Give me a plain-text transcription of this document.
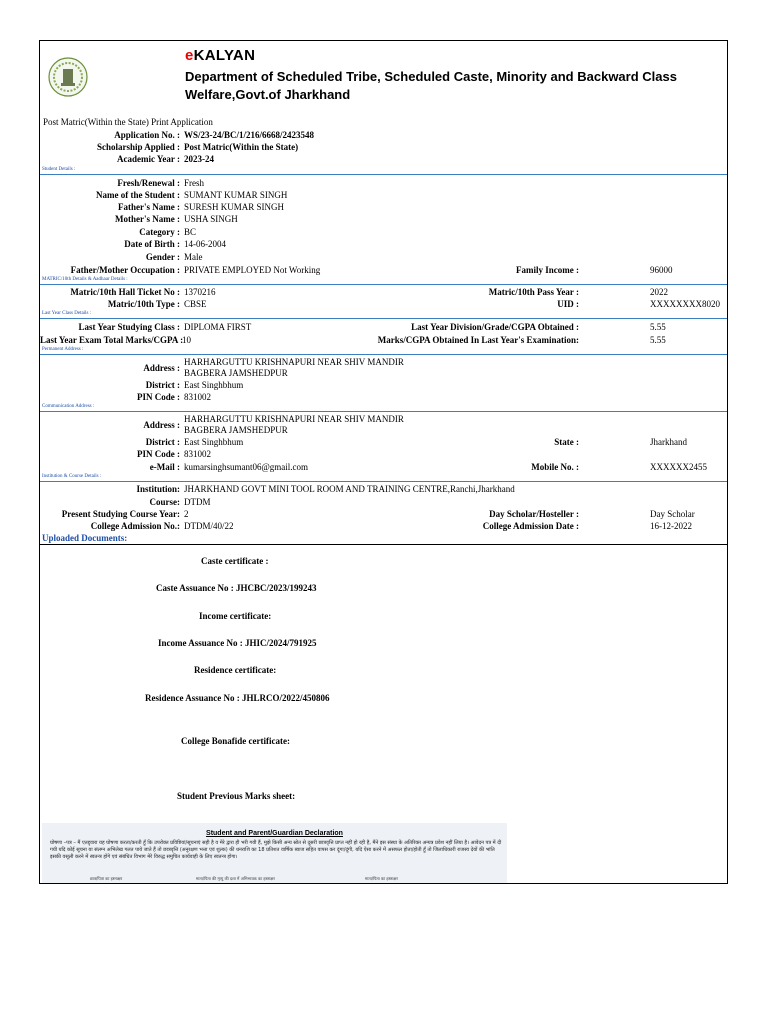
eKALYAN
Department of Scheduled Tribe, Scheduled Caste, Minority and Backward Class Welfare,Govt.of Jharkhand
Post Matric(Within the State) Print Application
Application No. : WS/23-24/BC/1/216/6668/2423548
Scholarship Applied : Post Matric(Within the State)
Academic Year : 2023-24
Student Details :
Fresh/Renewal : Fresh
Name of the Student : SUMANT KUMAR SINGH
Father's Name : SURESH KUMAR SINGH
Mother's Name : USHA SINGH
Category : BC
Date of Birth : 14-06-2004
Gender : Male
Father/Mother Occupation : PRIVATE EMPLOYED Not Working	Family Income :	96000
MATRIC/10th Details & Aadhaar Details :
Matric/10th Hall Ticket No : 1370216	Matric/10th Pass Year :	2022
Matric/10th Type : CBSE	UID :	XXXXXXXX8020
Last Year Class Details :
Last Year Studying Class : DIPLOMA FIRST	Last Year Division/Grade/CGPA Obtained :	5.55
Last Year Exam Total Marks/CGPA :
10	Marks/CGPA Obtained In Last Year's Examination:	5.55
Permanent Address :
Address :
HARHARGUTTU KRISHNAPURI NEAR SHIV MANDIR
BAGBERA JAMSHEDPUR
District : East Singhbhum
PIN Code : 831002
Communication Address :
Address :
HARHARGUTTU KRISHNAPURI NEAR SHIV MANDIR
BAGBERA JAMSHEDPUR
District : East Singhbhum	State :	Jharkhand
PIN Code : 831002
e-Mail : kumarsinghsumant06@gmail.com	Mobile No. :	XXXXXX2455
Institution & Course Details :
Institution: JHARKHAND GOVT MINI TOOL ROOM AND TRAINING CENTRE,Ranchi,Jharkhand
Course: DTDM
Present Studying Course Year: 2	Day Scholar/Hosteller :	Day Scholar
College Admission No.: DTDM/40/22	College Admission Date :	16-12-2022
Uploaded Documents:
Caste certificate :
Caste Assuance No : JHCBC/2023/199243
Income certificate:
Income Assuance No : JHIC/2024/791925
Residence certificate:
Residence Assuance No : JHLRCO/2022/450806
College Bonafide certificate:
Student Previous Marks sheet:
Student and Parent/Guardian Declaration
घोषणा –पत्र – मैं एतद्द्वारा यह घोषणा करता/करती हूँ कि उपरोक्त प्रविष्टियां/सूचनाएं सही है व मेरे द्वारा ही भरी गयी हैं, मुझे किसी अन्य स्रोत से दूसरी छात्रवृत्ति प्राप्त नहीं हो रही है, मैंने इस संस्था के अतिरिक्त अन्यत्र प्रवेश नहीं लिया है। आवेदन पत्र में दी गयी यदि कोई सूचना या संलग्न अभिलेख गलत पाये जाते हैं तो छात्रवृत्ति (अनुरक्षण भत्ता एवं शुल्क) की धनराशि का 18 प्रतिशत वार्षिक ब्याज सहित वापस कर दूंगा/दूंगी, यदि ऐसा करने में असफल होता/होती हूँ तो जिलाधिकारी राजस्व देयों की भांति इसकी वसूली करने में स्वतन्त्र होंगे एवं संबंधित विभाग मेरे विरुद्ध समुचित कार्यवाही के लिए स्वतन्त्र होगा।
छात्र/पिता का हस्ताक्षर	माता/पिता की मृत्यु की दशा में अभिभावक का हस्ताक्षर	माता/पिता का हस्ताक्षर
